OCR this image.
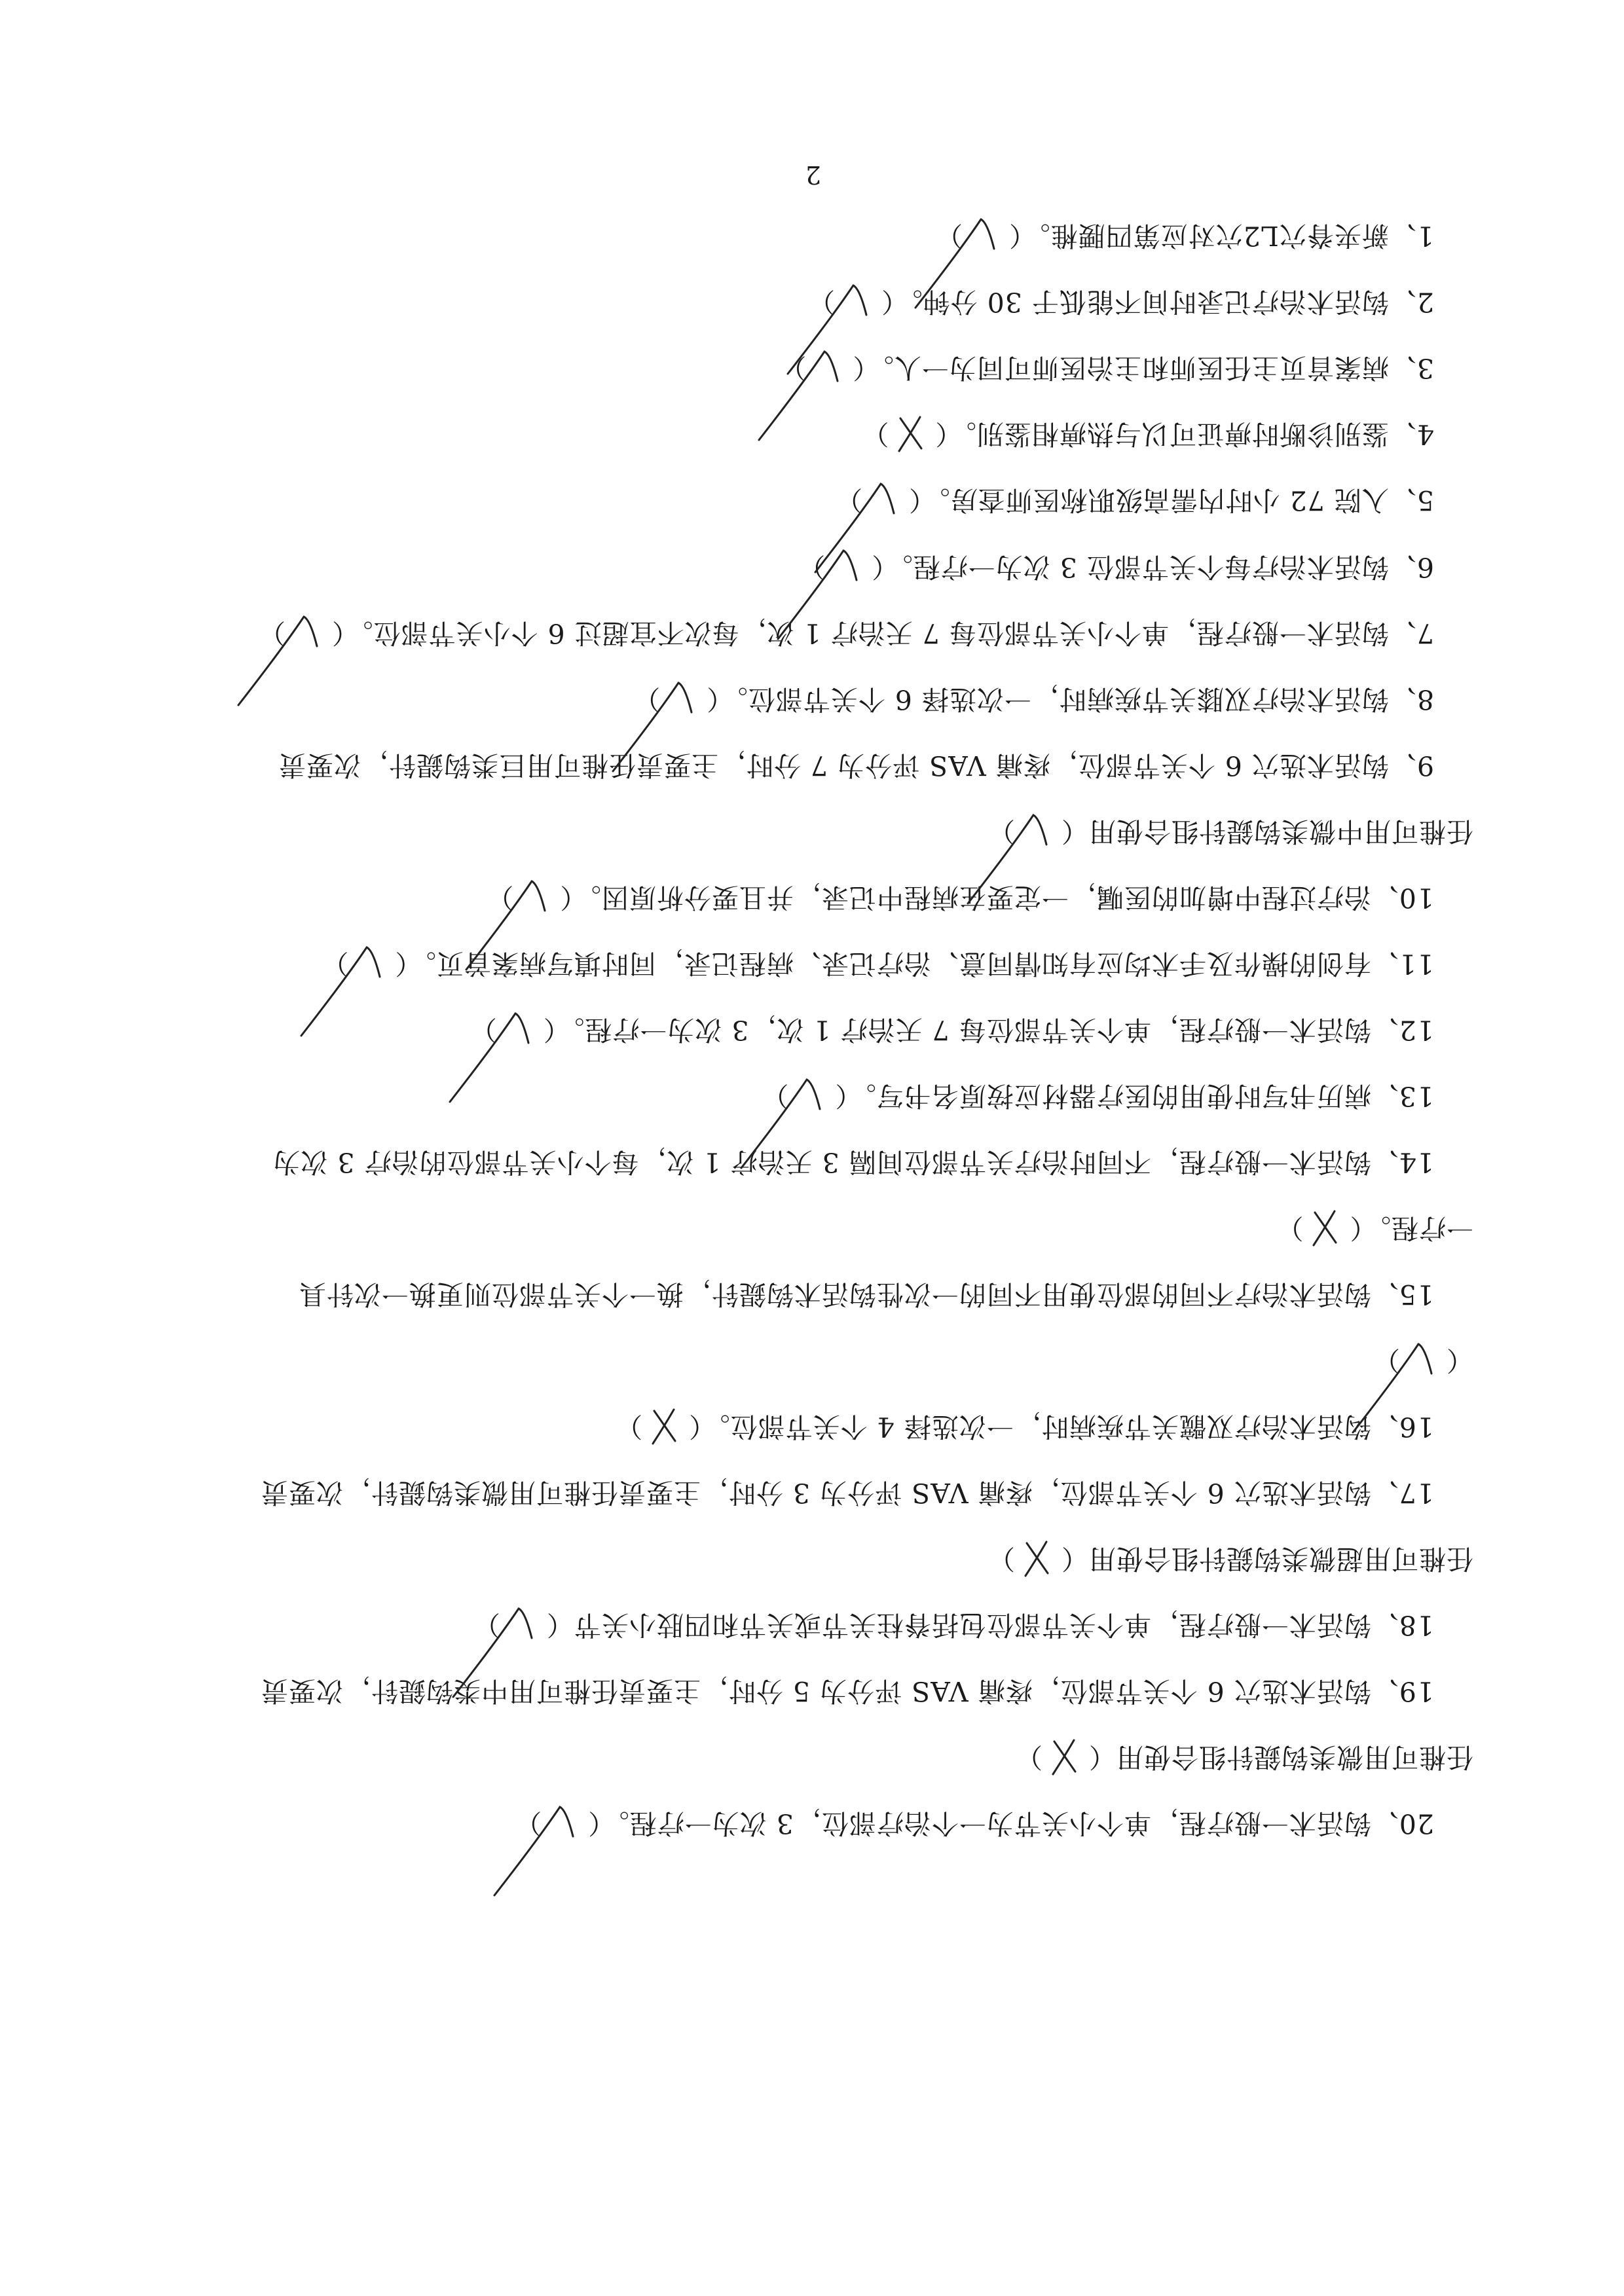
2
1、新夹脊穴L2穴对应第四腰椎。（）
2、钩活术治疗记录时间不能低于 30 分钟。（）
3、病案首页主任医师和主治医师可同为一人。（）
4、鉴别诊断时痹证可以与热痹相鉴别。（）
5、入院 72 小时内需高级职称医师查房。（）
6、钩活术治疗每个关节部位 3 次为一疗程。（）
7、钩活术一般疗程，单个小关节部位每 7 天治疗 1 次，每次不宜超过 6 个小关节部位。（）
8、钩活术治疗双膝关节疾病时，一次选择 6 个关节部位。（）
9、钩活术选穴 6 个关节部位，疼痛 VAS 评分为 7 分时，主要责任椎可用巨类钩鍉针，次要责
任椎可用中微类钩鍉针组合使用（）
10、治疗过程中增加的医嘱，一定要在病程中记录，并且要分析原因。（）
11、有创的操作及手术均应有知情同意、治疗记录、病程记录，同时填写病案首页。（）
12、钩活术一般疗程，单个关节部位每 7 天治疗 1 次，3 次为一疗程。（）
13、病历书写时使用的医疗器材应按原名书写。（）
14、钩活术一般疗程，不同时治疗关节部位间隔 3 天治疗 1 次，每个小关节部位的治疗 3 次为
一疗程。（）
15、钩活术治疗不同的部位使用不同的一次性钩活术钩鍉针，换一个关节部位则更换一次针具
（）
16、钩活术治疗双髋关节疾病时，一次选择 4 个关节部位。（）
17、钩活术选穴 6 个关节部位，疼痛 VAS 评分为 3 分时，主要责任椎可用微类钩鍉针，次要责
任椎可用超微类钩鍉针组合使用（）
18、钩活术一般疗程，单个关节部位包括脊柱关节或关节和四肢小关节（）
19、钩活术选穴 6 个关节部位，疼痛 VAS 评分为 5 分时，主要责任椎可用中类钩鍉针，次要责
任椎可用微类钩鍉针组合使用（）
20、钩活术一般疗程，单个小关节为一个治疗部位，3 次为一疗程。（）
